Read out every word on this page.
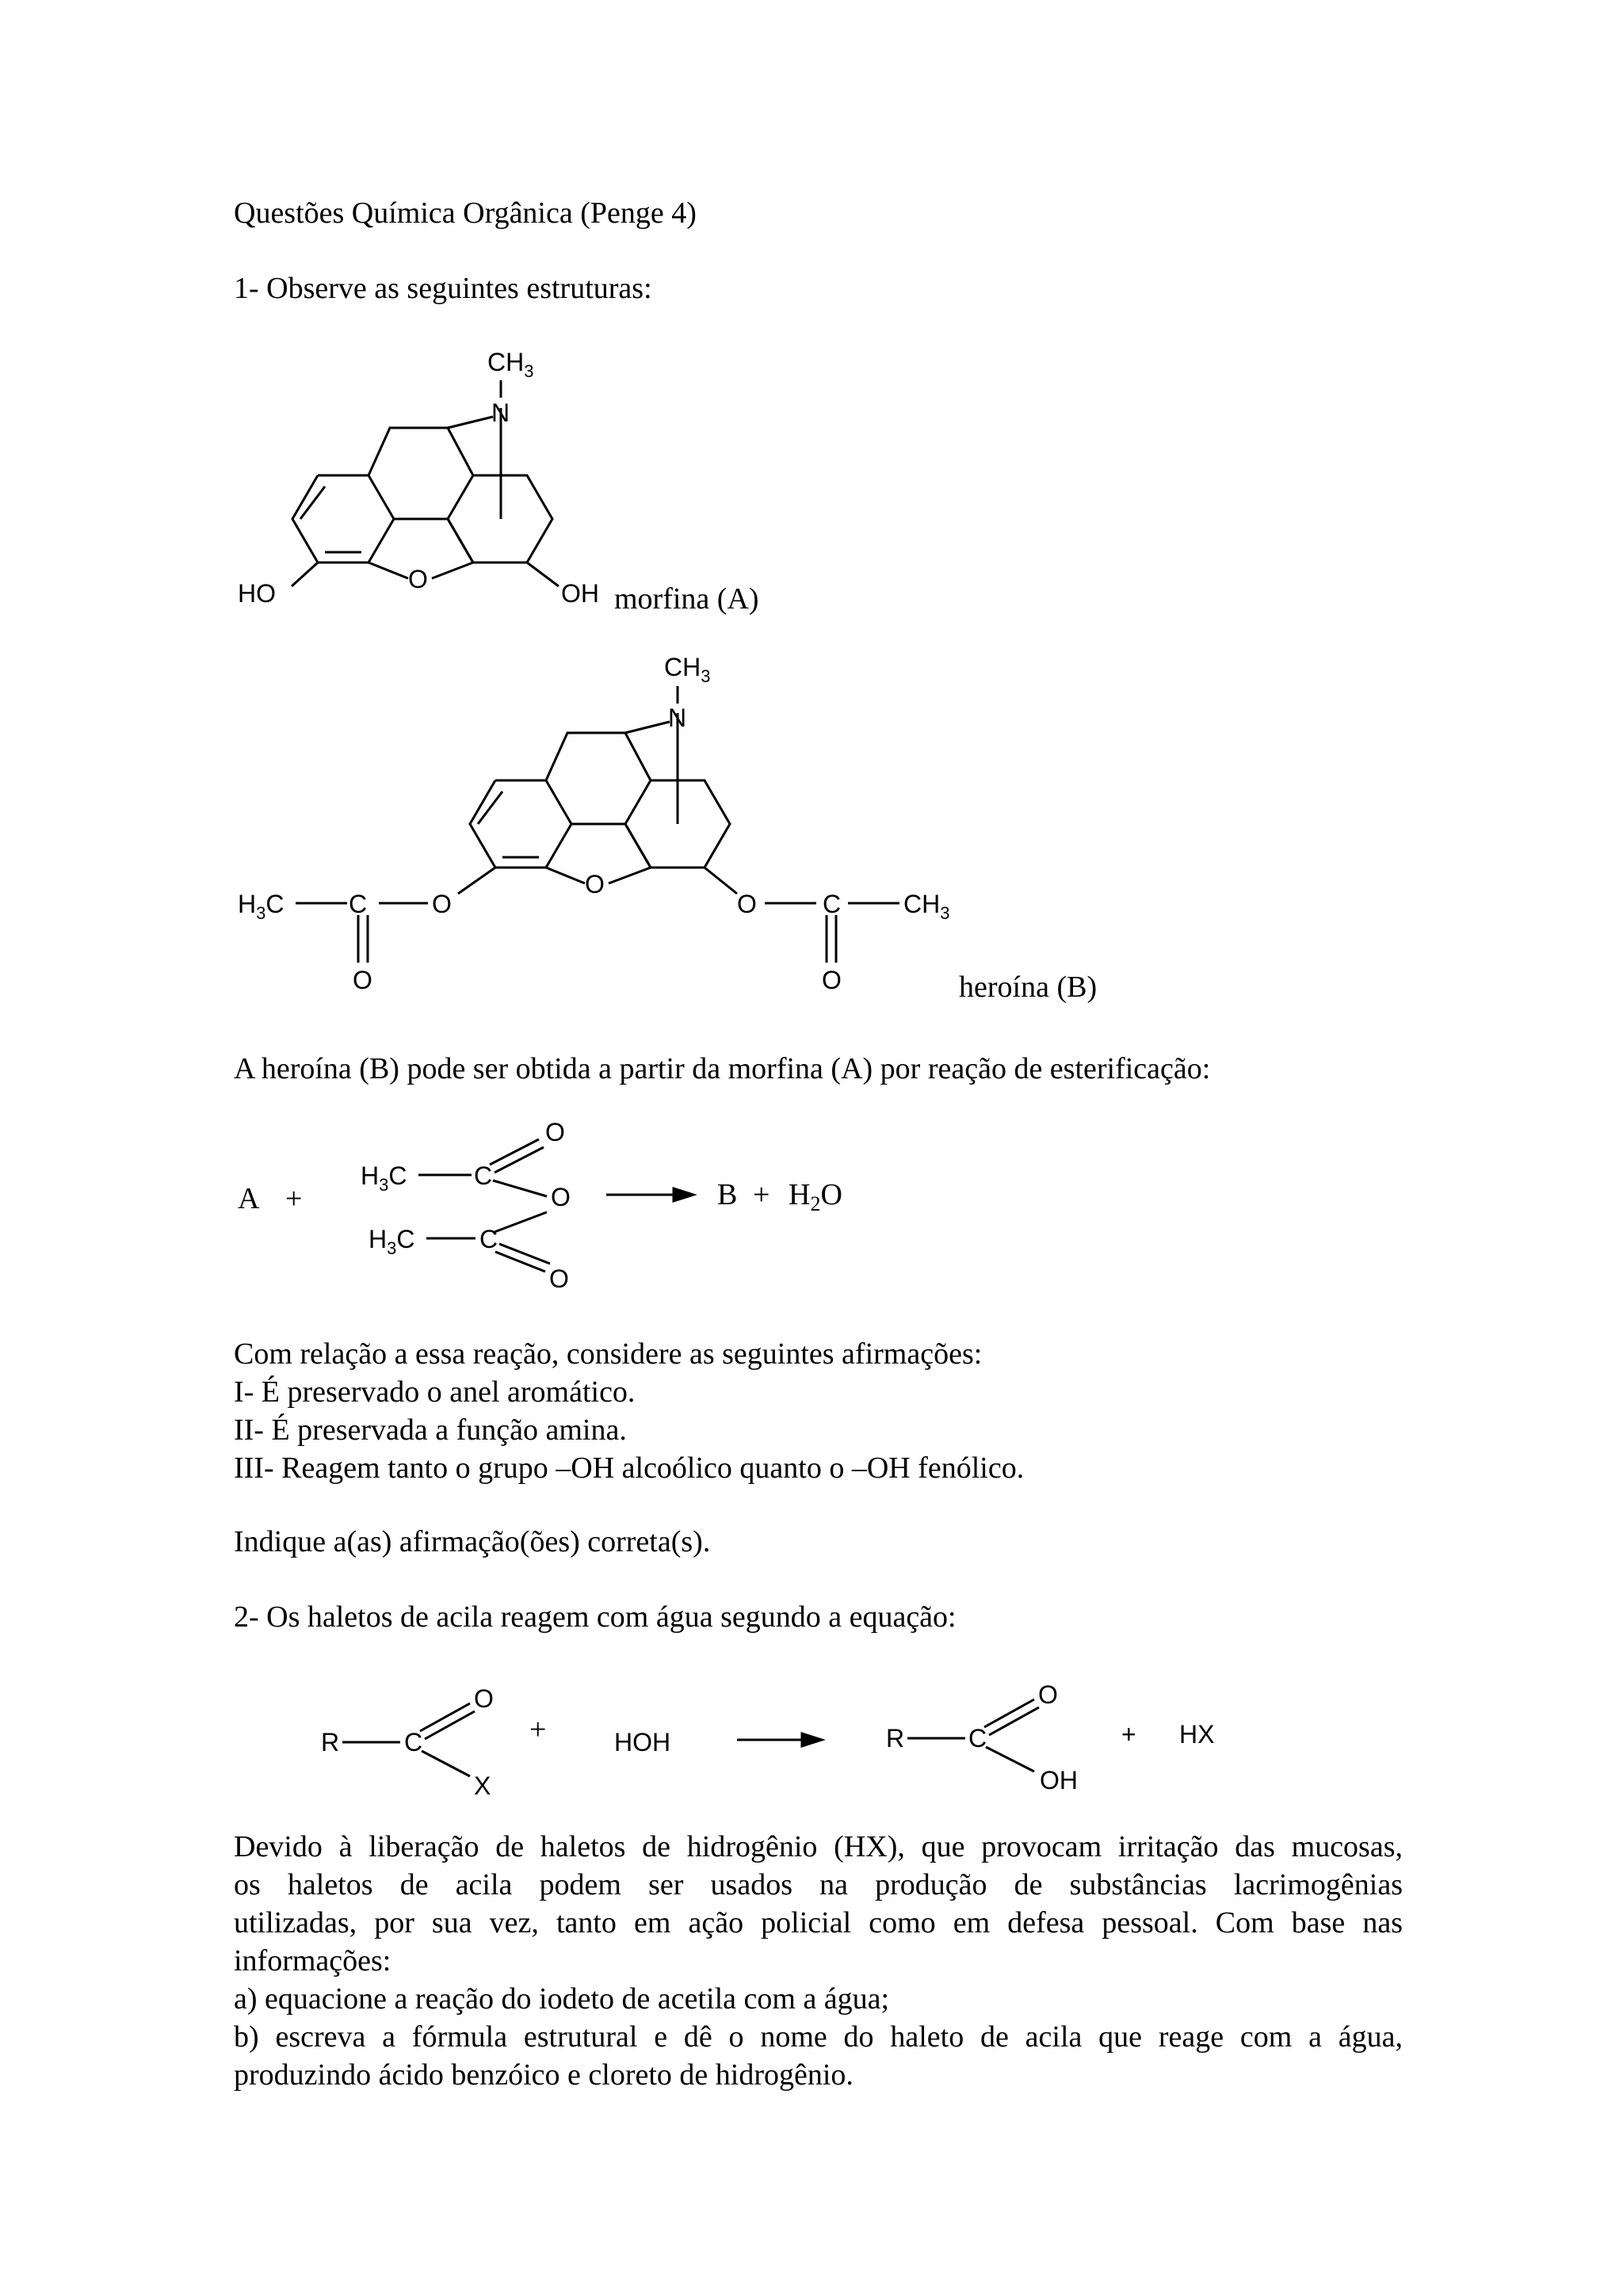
Questões Química Orgânica (Penge 4)
1- Observe as seguintes estruturas:
$CH_3$
N
O
HO	OH morfina (A)
$CH_3$
N
O
$H_3C$	C	O
O
O	C $CH_3$
O	heroína (B)
A heroína (B) pode ser obtida a partir da morfina (A) por reação de esterificação:
A +
$H_3C$	C
O
O
$H_3C$	C
O
$B + H_2O$
Com relação a essa reação, considere as seguintes afirmações:
I- É preservado o anel aromático.
II- É preservada a função amina.
III- Reagem tanto o grupo –OH alcoólico quanto o –OH fenólico.
Indique a(as) afirmação(ões) correta(s).
2- Os haletos de acila reagem com água segundo a equação:
R	C
O
X
+	HOH	R	C
O
OH
+ HX
Devido à liberação de haletos de hidrogênio (HX), que provocam irritação das mucosas,
os haletos de acila podem ser usados na produção de substâncias lacrimogênias
utilizadas, por sua vez, tanto em ação policial como em defesa pessoal. Com base nas
informações:
a) equacione a reação do iodeto de acetila com a água;
b) escreva a fórmula estrutural e dê o nome do haleto de acila que reage com a água,
produzindo ácido benzóico e cloreto de hidrogênio.
